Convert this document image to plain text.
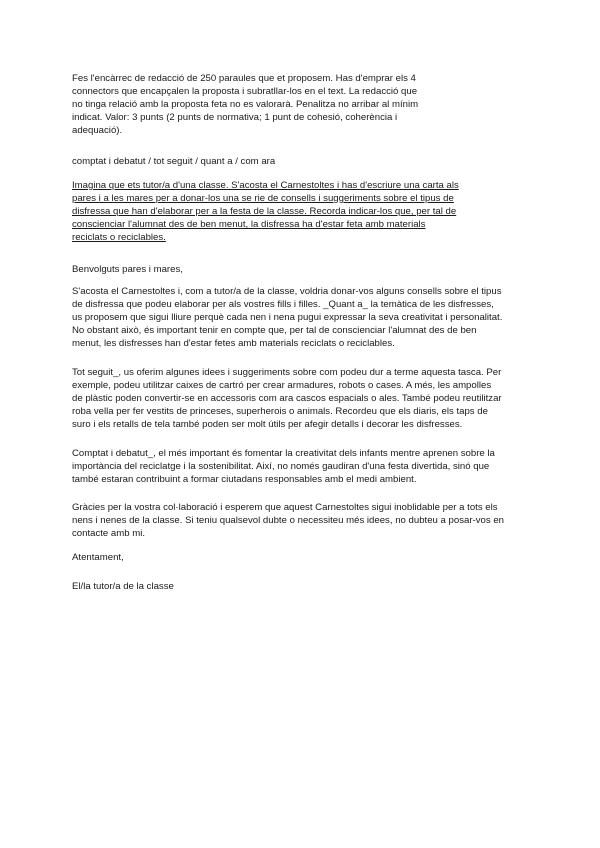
Fes l'encàrrec de redacció de 250 paraules que et proposem. Has d'emprar els 4
connectors que encapçalen la proposta i subratllar-los en el text. La redacció que
no tinga relació amb la proposta feta no es valorarà. Penalitza no arribar al mínim
indicat. Valor: 3 punts (2 punts de normativa; 1 punt de cohesió, coherència i
adequació).

comptat i debatut / tot seguit / quant a / com ara

Imagina que ets tutor/a d'una classe. S'acosta el Carnestoltes i has d'escriure una carta als
pares i a les mares per a donar-los una se rie de consells i suggeriments sobre el tipus de
disfressa que han d'elaborar per a la festa de la classe. Recorda indicar-los que, per tal de
conscienciar l'alumnat des de ben menut, la disfressa ha d'estar feta amb materials
reciclats o reciclables.

Benvolguts pares i mares,

S'acosta el Carnestoltes i, com a tutor/a de la classe, voldria donar-vos alguns consells sobre el tipus
de disfressa que podeu elaborar per als vostres fills i filles. _Quant a_ la temàtica de les disfresses,
us proposem que sigui lliure perquè cada nen i nena pugui expressar la seva creativitat i personalitat.
No obstant això, és important tenir en compte que, per tal de conscienciar l'alumnat des de ben
menut, les disfresses han d'estar fetes amb materials reciclats o reciclables.

Tot seguit_, us oferim algunes idees i suggeriments sobre com podeu dur a terme aquesta tasca. Per
exemple, podeu utilitzar caixes de cartró per crear armadures, robots o cases. A més, les ampolles
de plàstic poden convertir-se en accessoris com ara cascos espacials o ales. També podeu reutilitzar
roba vella per fer vestits de princeses, superherois o animals. Recordeu que els diaris, els taps de
suro i els retalls de tela també poden ser molt útils per afegir detalls i decorar les disfresses.

Comptat i debatut_, el més important és fomentar la creativitat dels infants mentre aprenen sobre la
importància del reciclatge i la sostenibilitat. Així, no només gaudiran d'una festa divertida, sinó que
també estaran contribuint a formar ciutadans responsables amb el medi ambient.

Gràcies per la vostra col·laboració i esperem que aquest Carnestoltes sigui inoblidable per a tots els
nens i nenes de la classe. Si teniu qualsevol dubte o necessiteu més idees, no dubteu a posar-vos en
contacte amb mi.

Atentament,

El/la tutor/a de la classe
